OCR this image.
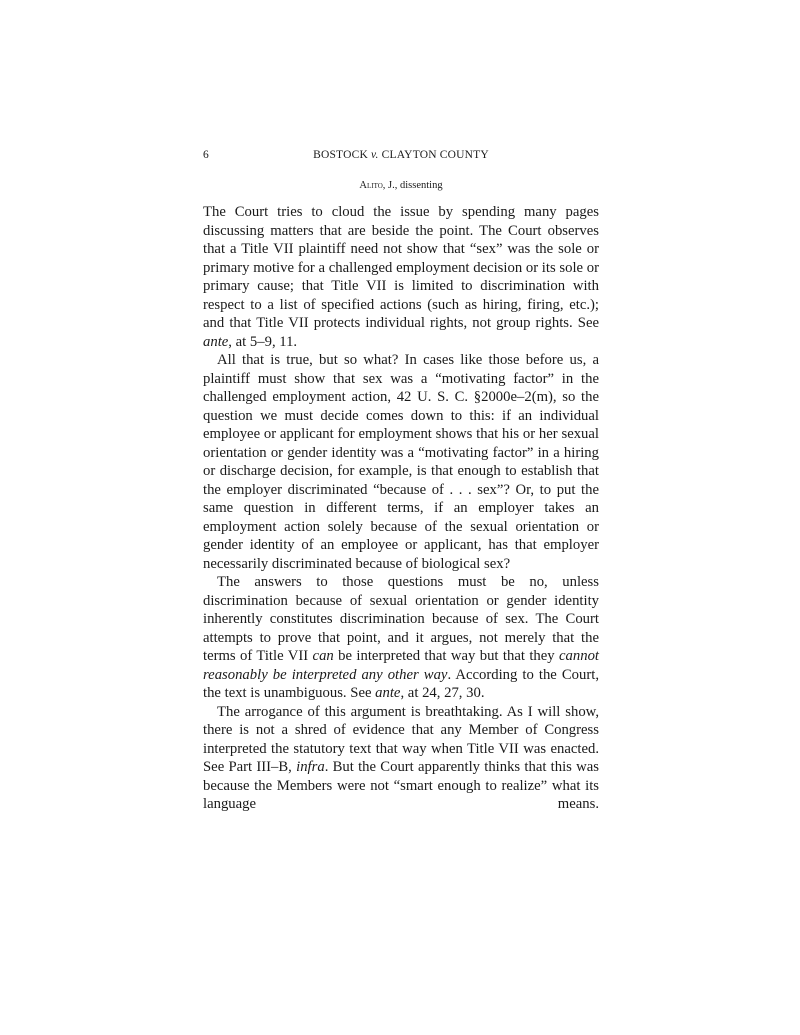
6	BOSTOCK v. CLAYTON COUNTY
Alito, J., dissenting

The Court tries to cloud the issue by spending many pages discussing matters that are beside the point. The Court observes that a Title VII plaintiff need not show that “sex” was the sole or primary motive for a challenged employment decision or its sole or primary cause; that Title VII is limited to discrimination with respect to a list of specified actions (such as hiring, firing, etc.); and that Title VII protects individual rights, not group rights. See ante, at 5–9, 11.

All that is true, but so what? In cases like those before us, a plaintiff must show that sex was a “motivating factor” in the challenged employment action, 42 U. S. C. §2000e–2(m), so the question we must decide comes down to this: if an individual employee or applicant for employment shows that his or her sexual orientation or gender identity was a “motivating factor” in a hiring or discharge decision, for example, is that enough to establish that the employer discriminated “because of . . . sex”? Or, to put the same question in different terms, if an employer takes an employment action solely because of the sexual orientation or gender identity of an employee or applicant, has that employer necessarily discriminated because of biological sex?

The answers to those questions must be no, unless discrimination because of sexual orientation or gender identity inherently constitutes discrimination because of sex. The Court attempts to prove that point, and it argues, not merely that the terms of Title VII can be interpreted that way but that they cannot reasonably be interpreted any other way. According to the Court, the text is unambiguous. See ante, at 24, 27, 30.

The arrogance of this argument is breathtaking. As I will show, there is not a shred of evidence that any Member of Congress interpreted the statutory text that way when Title VII was enacted. See Part III–B, infra. But the Court apparently thinks that this was because the Members were not “smart enough to realize” what its language means.
